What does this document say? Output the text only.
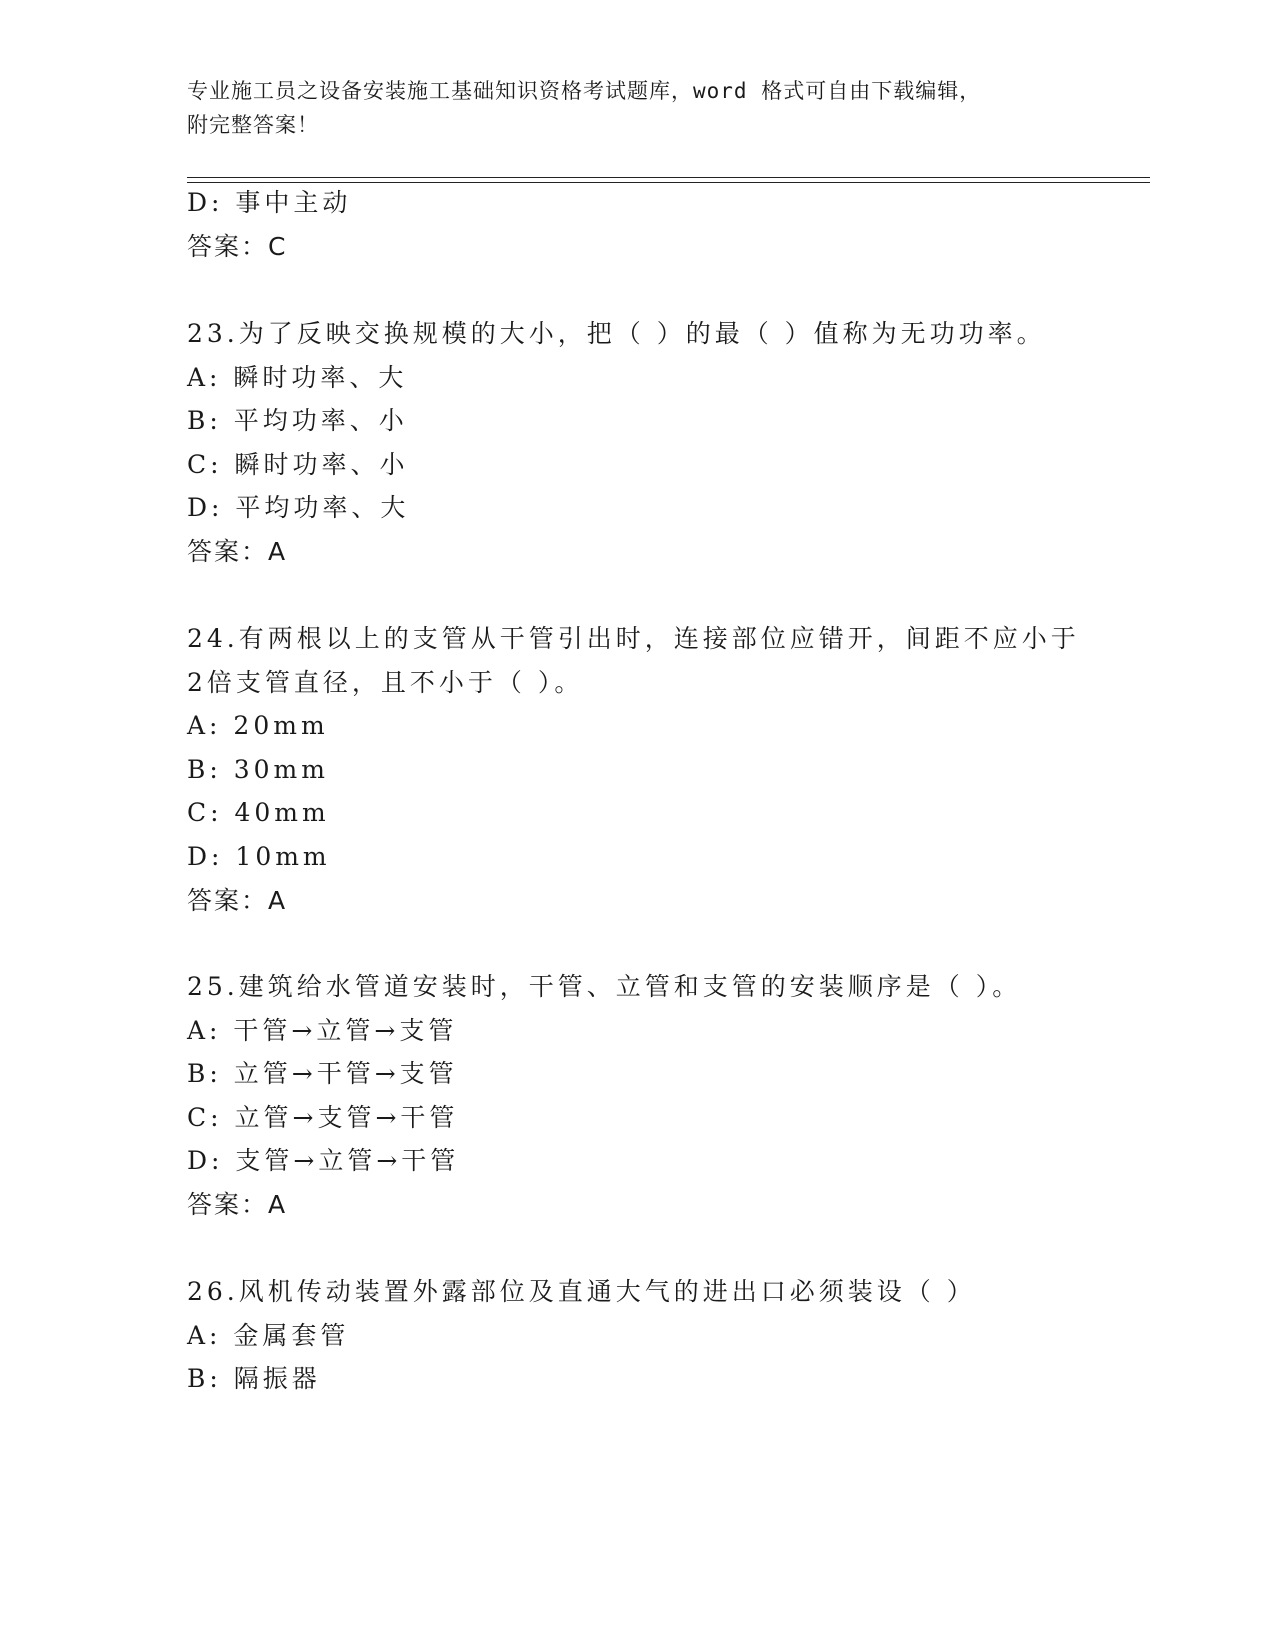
专业施工员之设备安装施工基础知识资格考试题库，word 格式可自由下载编辑，
附完整答案！
D: 事中主动
答案：C
23.为了反映交换规模的大小，把（ ）的最（ ）值称为无功功率。
A: 瞬时功率、大
B: 平均功率、小
C: 瞬时功率、小
D: 平均功率、大
答案：A
24.有两根以上的支管从干管引出时，连接部位应错开，间距不应小于
2倍支管直径，且不小于（ ）。
A: 20mm
B: 30mm
C: 40mm
D: 10mm
答案：A
25.建筑给水管道安装时，干管、立管和支管的安装顺序是（ ）。
A: 干管→立管→支管
B: 立管→干管→支管
C: 立管→支管→干管
D: 支管→立管→干管
答案：A
26.风机传动装置外露部位及直通大气的进出口必须装设（ ）
A: 金属套管
B: 隔振器
